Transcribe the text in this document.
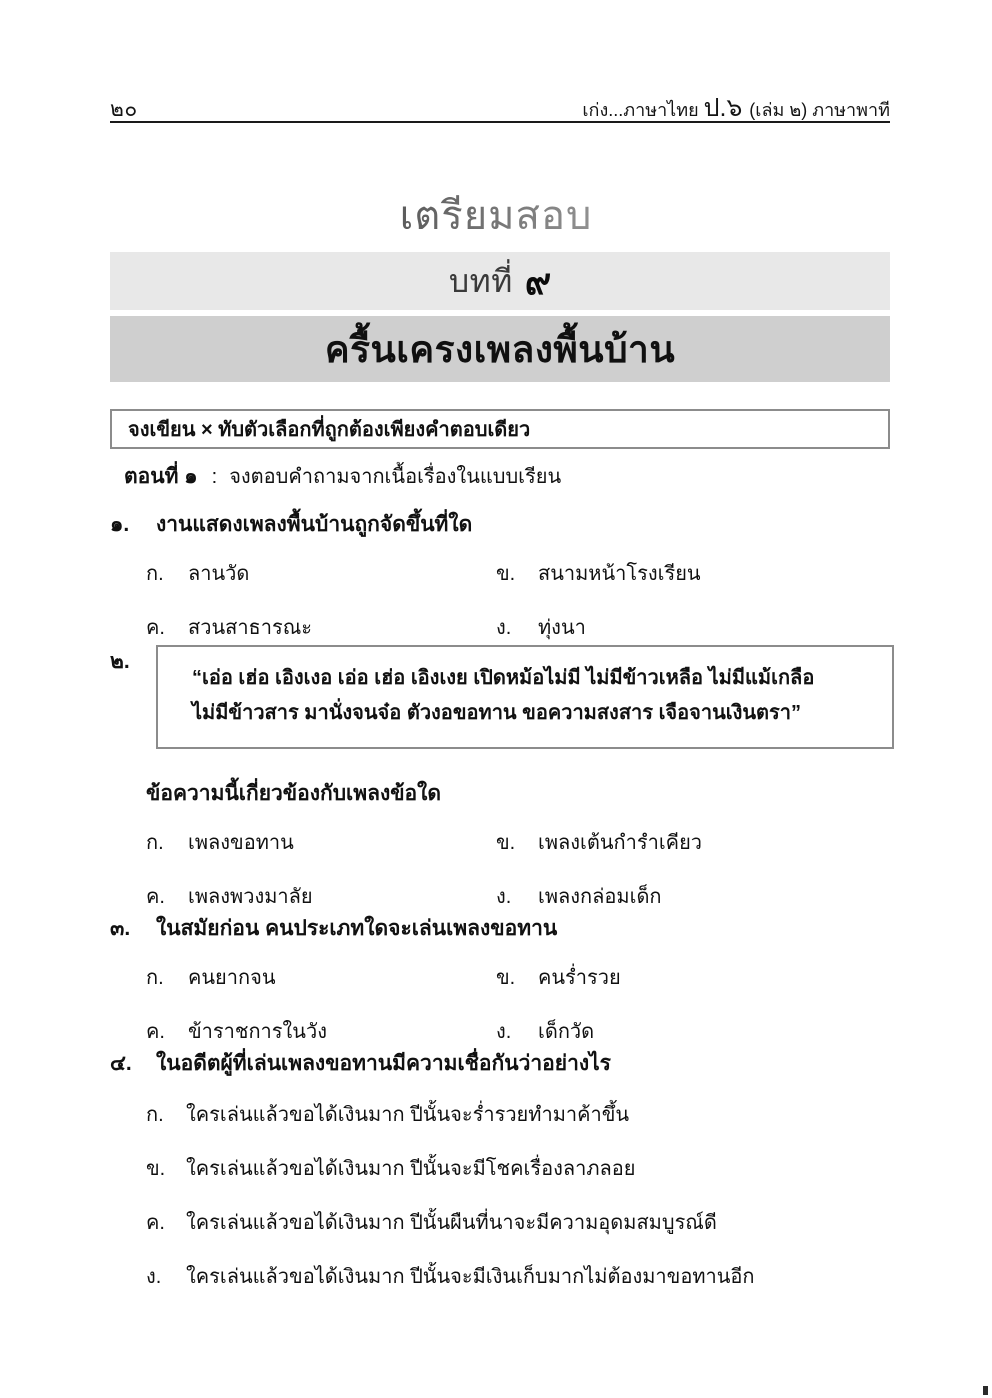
๒๐	เก่ง...ภาษาไทย ป.๖ (เล่ม ๒) ภาษาพาที
เตรียมสอบ
บทที่ ๙
ครื้นเครงเพลงพื้นบ้าน
จงเขียน × ทับตัวเลือกที่ถูกต้องเพียงคำตอบเดียว
ตอนที่ ๑ : จงตอบคำถามจากเนื้อเรื่องในแบบเรียน
๑.	งานแสดงเพลงพื้นบ้านถูกจัดขึ้นที่ใด
ก.	ลานวัด	ข.	สนามหน้าโรงเรียน
ค.	สวนสาธารณะ	ง.	ทุ่งนา
๒.
“เอ่อ เฮ่อ เอิงเงอ เอ่อ เฮ่อ เอิงเงย เปิดหม้อไม่มี ไม่มีข้าวเหลือ ไม่มีแม้เกลือ
ไม่มีข้าวสาร มานั่งจนจ๋อ ตัวงอขอทาน ขอความสงสาร เจือจานเงินตรา”
ข้อความนี้เกี่ยวข้องกับเพลงข้อใด
ก.	เพลงขอทาน	ข.	เพลงเต้นกำรำเคียว
ค.	เพลงพวงมาลัย	ง.	เพลงกล่อมเด็ก
๓.	ในสมัยก่อน คนประเภทใดจะเล่นเพลงขอทาน
ก.	คนยากจน	ข.	คนร่ำรวย
ค.	ข้าราชการในวัง	ง.	เด็กวัด
๔.	ในอดีตผู้ที่เล่นเพลงขอทานมีความเชื่อกันว่าอย่างไร
ก.	ใครเล่นแล้วขอได้เงินมาก ปีนั้นจะร่ำรวยทำมาค้าขึ้น
ข.	ใครเล่นแล้วขอได้เงินมาก ปีนั้นจะมีโชคเรื่องลาภลอย
ค.	ใครเล่นแล้วขอได้เงินมาก ปีนั้นผืนที่นาจะมีความอุดมสมบูรณ์ดี
ง.	ใครเล่นแล้วขอได้เงินมาก ปีนั้นจะมีเงินเก็บมากไม่ต้องมาขอทานอีก
